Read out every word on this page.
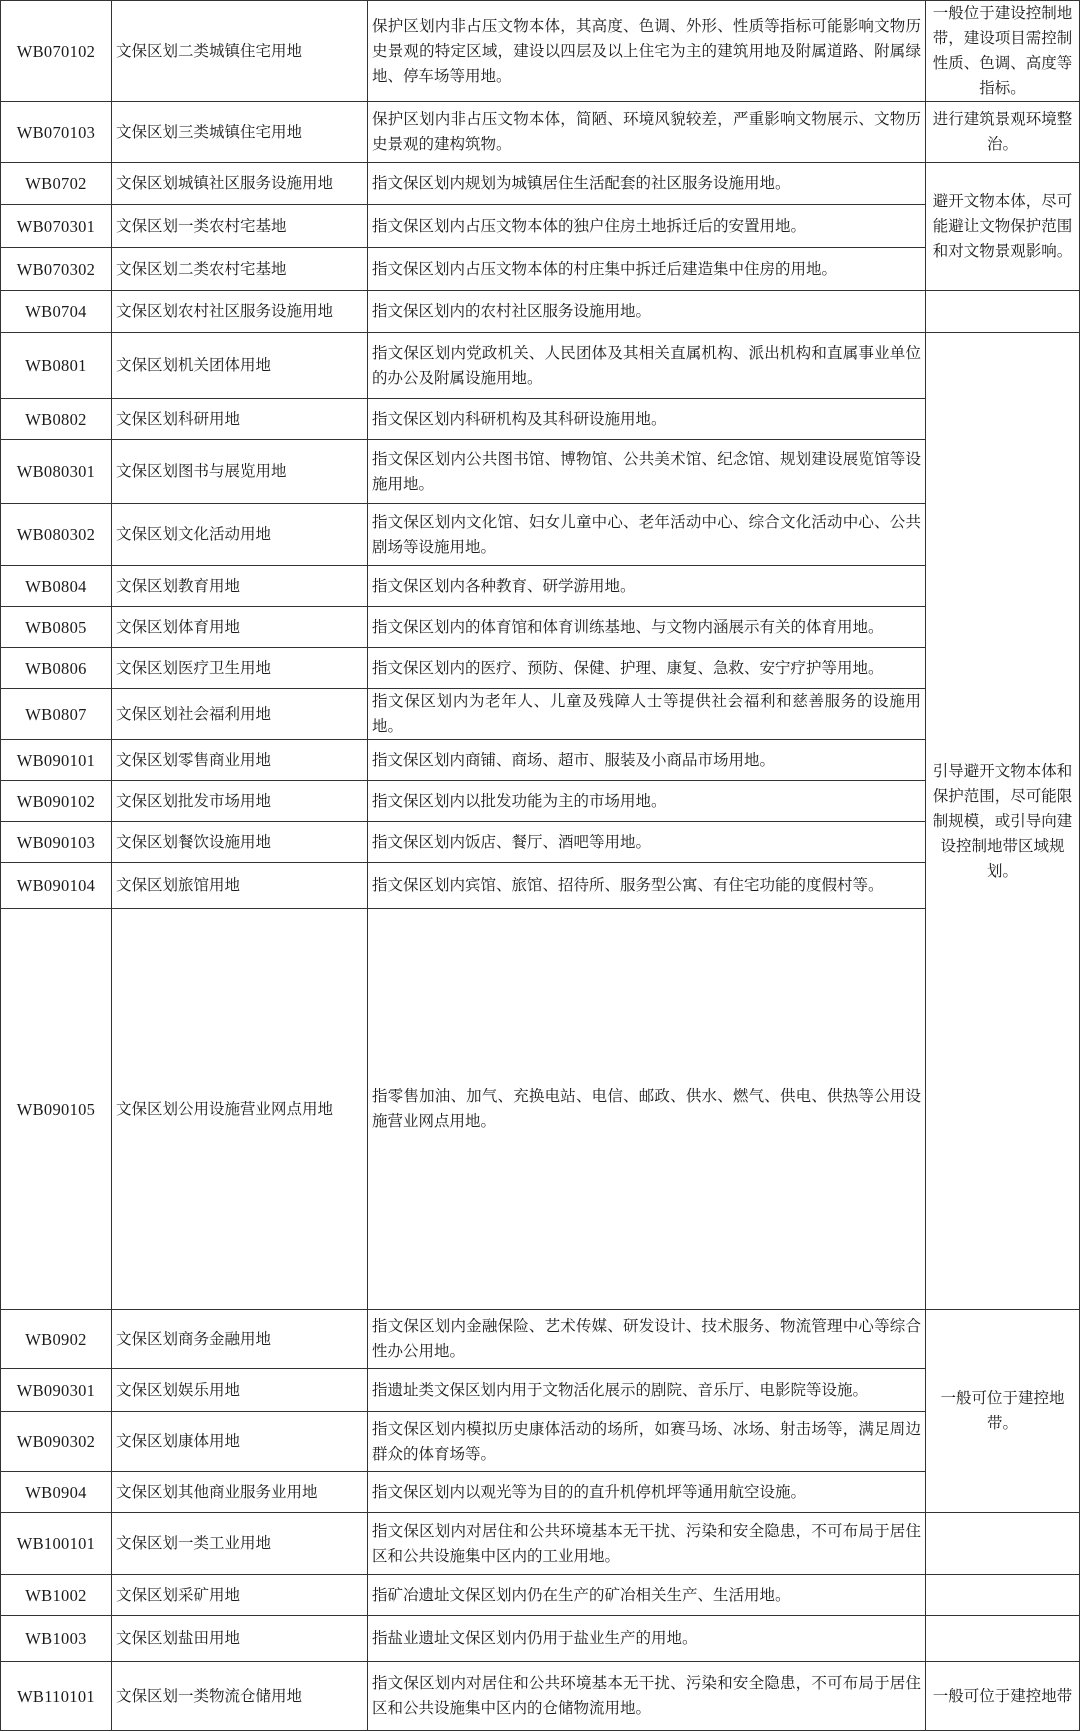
WB070102	文保区划二类城镇住宅用地	保护区划内非占压文物本体，其高度、色调、外形、性质等指标可能影响文物历史景观的特定区域，建设以四层及以上住宅为主的建筑用地及附属道路、附属绿地、停车场等用地。	一般位于建设控制地带，建设项目需控制性质、色调、高度等指标。	
WB070103	文保区划三类城镇住宅用地	保护区划内非占压文物本体，简陋、环境风貌较差，严重影响文物展示、文物历史景观的建构筑物。	进行建筑景观环境整治。	
WB0702	文保区划城镇社区服务设施用地	指文保区划内规划为城镇居住生活配套的社区服务设施用地。	避开文物本体，尽可能避让文物保护范围和对文物景观影响。	
WB070301	文保区划一类农村宅基地	指文保区划内占压文物本体的独户住房土地拆迁后的安置用地。		
WB070302	文保区划二类农村宅基地	指文保区划内占压文物本体的村庄集中拆迁后建造集中住房的用地。		
WB0704	文保区划农村社区服务设施用地	指文保区划内的农村社区服务设施用地。		
WB0801	文保区划机关团体用地	指文保区划内党政机关、人民团体及其相关直属机构、派出机构和直属事业单位的办公及附属设施用地。	引导避开文物本体和保护范围，尽可能限制规模，或引导向建设控制地带区域规划。	
WB0802	文保区划科研用地	指文保区划内科研机构及其科研设施用地。		
WB080301	文保区划图书与展览用地	指文保区划内公共图书馆、博物馆、公共美术馆、纪念馆、规划建设展览馆等设施用地。		
WB080302	文保区划文化活动用地	指文保区划内文化馆、妇女儿童中心、老年活动中心、综合文化活动中心、公共剧场等设施用地。		
WB0804	文保区划教育用地	指文保区划内各种教育、研学游用地。		
WB0805	文保区划体育用地	指文保区划内的体育馆和体育训练基地、与文物内涵展示有关的体育用地。		
WB0806	文保区划医疗卫生用地	指文保区划内的医疗、预防、保健、护理、康复、急救、安宁疗护等用地。		
WB0807	文保区划社会福利用地	指文保区划内为老年人、儿童及残障人士等提供社会福利和慈善服务的设施用地。		
WB090101	文保区划零售商业用地	指文保区划内商铺、商场、超市、服装及小商品市场用地。		
WB090102	文保区划批发市场用地	指文保区划内以批发功能为主的市场用地。		
WB090103	文保区划餐饮设施用地	指文保区划内饭店、餐厅、酒吧等用地。		
WB090104	文保区划旅馆用地	指文保区划内宾馆、旅馆、招待所、服务型公寓、有住宅功能的度假村等。		
WB090105	文保区划公用设施营业网点用地	指零售加油、加气、充换电站、电信、邮政、供水、燃气、供电、供热等公用设施营业网点用地。	
WB0902	文保区划商务金融用地	指文保区划内金融保险、艺术传媒、研发设计、技术服务、物流管理中心等综合性办公用地。	一般可位于建控地带。	
WB090301	文保区划娱乐用地	指遗址类文保区划内用于文物活化展示的剧院、音乐厅、电影院等设施。		
WB090302	文保区划康体用地	指文保区划内模拟历史康体活动的场所，如赛马场、冰场、射击场等，满足周边群众的体育场等。		
WB0904	文保区划其他商业服务业用地	指文保区划内以观光等为目的的直升机停机坪等通用航空设施。		
WB100101	文保区划一类工业用地	指文保区划内对居住和公共环境基本无干扰、污染和安全隐患，不可布局于居住区和公共设施集中区内的工业用地。		
WB1002	文保区划采矿用地	指矿冶遗址文保区划内仍在生产的矿冶相关生产、生活用地。		
WB1003	文保区划盐田用地	指盐业遗址文保区划内仍用于盐业生产的用地。		
WB110101	文保区划一类物流仓储用地	指文保区划内对居住和公共环境基本无干扰、污染和安全隐患，不可布局于居住区和公共设施集中区内的仓储物流用地。	一般可位于建控地带	
